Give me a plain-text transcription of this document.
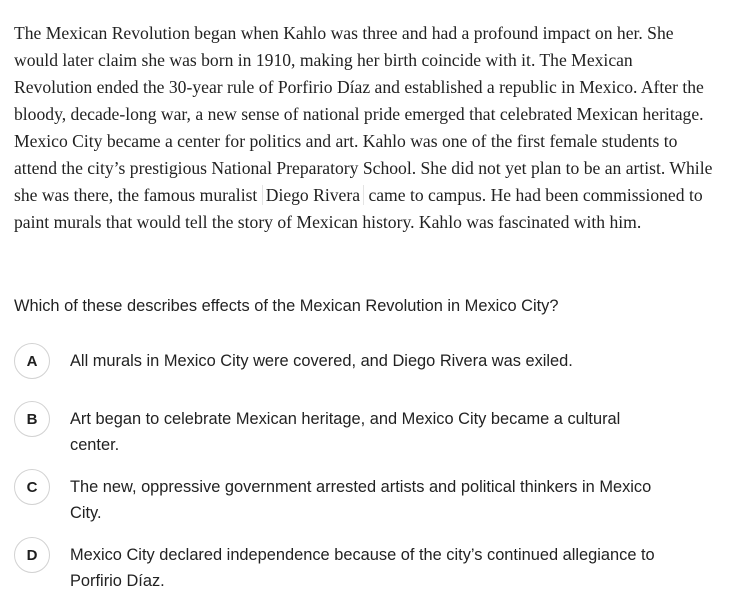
The Mexican Revolution began when Kahlo was three and had a profound impact on her. She would later claim she was born in 1910, making her birth coincide with it. The Mexican Revolution ended the 30-year rule of Porfirio Díaz and established a republic in Mexico. After the bloody, decade-long war, a new sense of national pride emerged that celebrated Mexican heritage. Mexico City became a center for politics and art. Kahlo was one of the first female students to attend the city’s prestigious National Preparatory School. She did not yet plan to be an artist. While she was there, the famous muralist Diego Rivera came to campus. He had been commissioned to paint murals that would tell the story of Mexican history. Kahlo was fascinated with him.

Which of these describes effects of the Mexican Revolution in Mexico City?

A	All murals in Mexico City were covered, and Diego Rivera was exiled.
B	Art began to celebrate Mexican heritage, and Mexico City became a cultural center.
C	The new, oppressive government arrested artists and political thinkers in Mexico City.
D	Mexico City declared independence because of the city’s continued allegiance to Porfirio Díaz.
